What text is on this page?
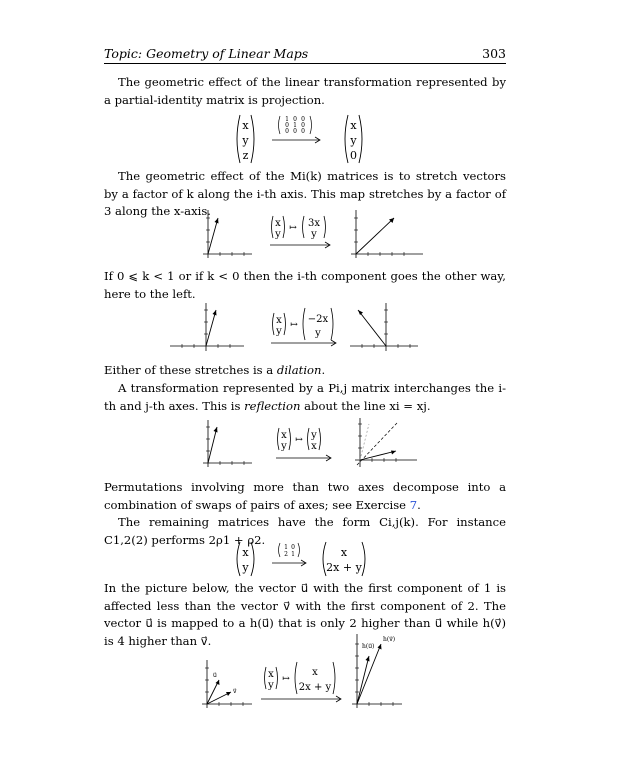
Topic: Geometry of Linear Maps	303
The geometric effect of the linear transformation represented by a partial-identity matrix is projection.
x
y
z
1 0 0
0 1 0
0 0 0	x
y
0
The geometric effect of the Mi(k) matrices is to stretch vectors by a factor of k along the i-th axis. This map stretches by a factor of 3 along the x-axis.
x
y
↦ 3x
y
If 0 ⩽ k < 1 or if k < 0 then the i-th component goes the other way, here to the left.
x
y
↦ −2x
y
Either of these stretches is a dilation.
A transformation represented by a Pi,j matrix interchanges the i-th and j-th axes. This is reflection about the line xi = xj.
x
y
↦ y
x
Permutations involving more than two axes decompose into a combination of swaps of pairs of axes; see Exercise 7.
The remaining matrices have the form Ci,j(k). For instance C1,2(2) performs 2ρ1 + ρ2.
x
y
1 0
2 1	x
2x + y
In the picture below, the vector u⃗ with the first component of 1 is affected less than the vector v⃗ with the first component of 2. The vector u⃗ is mapped to a h(u⃗) that is only 2 higher than u⃗ while h(v⃗) is 4 higher than v⃗.
u⃗
v⃗
x
y
↦
x
2x + y
h(u⃗)
h(v⃗)
